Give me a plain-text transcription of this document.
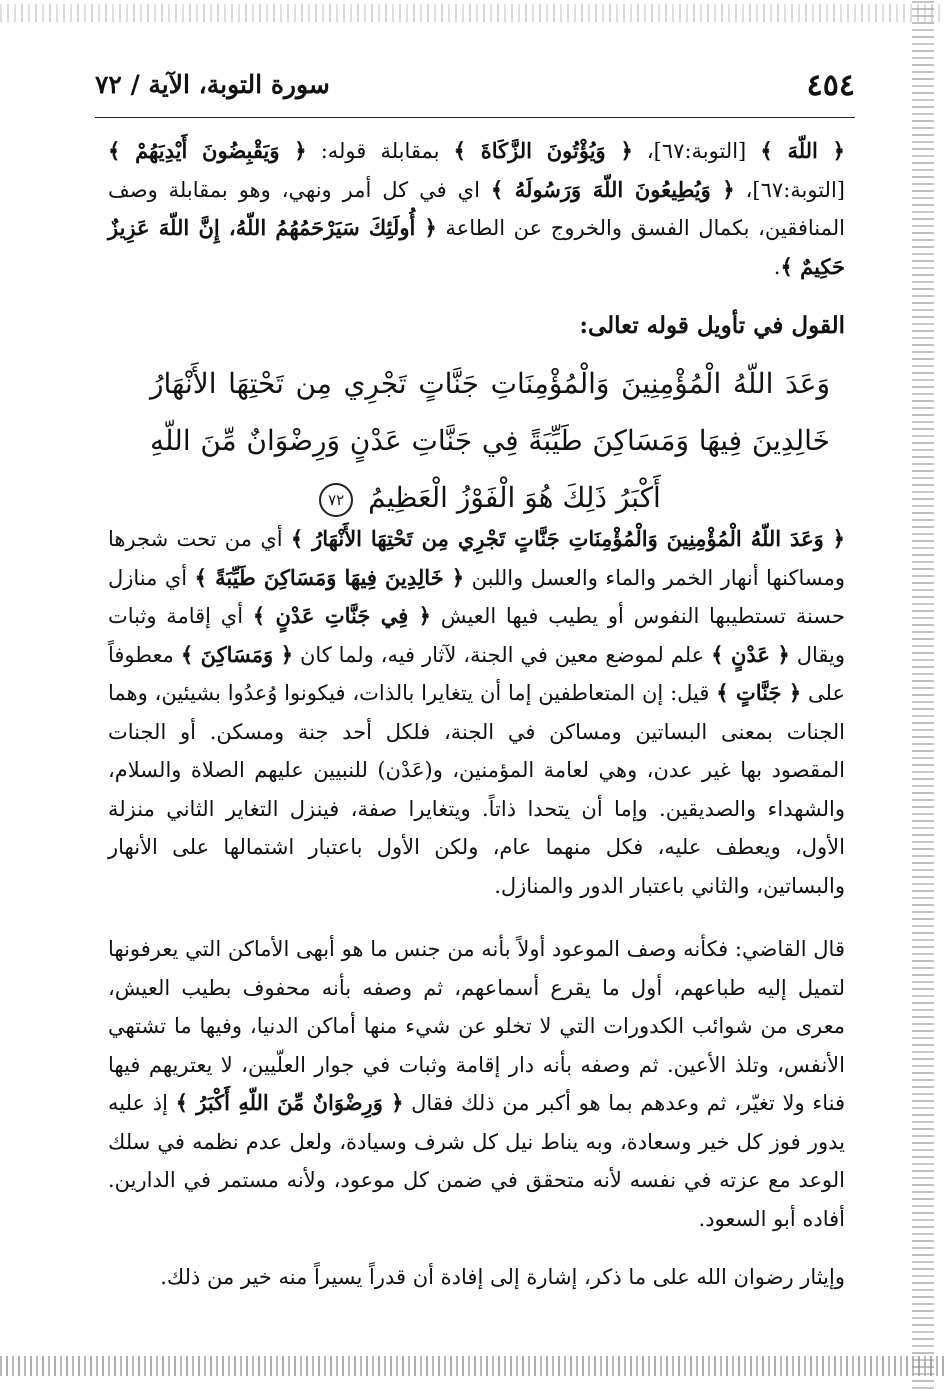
٤٥٤
سورة التوبة، الآية / ٧٢
﴿ اللّهَ ﴾ [التوبة:٦٧]، ﴿ وَيُؤْتُونَ الزَّكَاةَ ﴾ بمقابلة قوله: ﴿ وَيَقْبِضُونَ أَيْدِيَهُمْ ﴾ [التوبة:٦٧]، ﴿ وَيُطِيعُونَ اللّهَ وَرَسُولَهُ ﴾ اي في كل أمر ونهي، وهو بمقابلة وصف المنافقين، بكمال الفسق والخروج عن الطاعة ﴿ أُولَئِكَ سَيَرْحَمُهُمُ اللّهُ، إِنَّ اللّهَ عَزِيزٌ حَكِيمٌ ﴾.
القول في تأويل قوله تعالى:
وَعَدَ اللّهُ الْمُؤْمِنِينَ وَالْمُؤْمِنَاتِ جَنَّاتٍ تَجْرِي مِن تَحْتِهَا الأَنْهَارُ خَالِدِينَ فِيهَا وَمَسَاكِنَ طَيِّبَةً فِي جَنَّاتِ عَدْنٍ وَرِضْوَانٌ مِّنَ اللّهِ أَكْبَرُ ذَلِكَ هُوَ الْفَوْزُ الْعَظِيمُ ٧٢
﴿ وَعَدَ اللّهُ الْمُؤْمِنِينَ وَالْمُؤْمِنَاتِ جَنَّاتٍ تَجْرِي مِن تَحْتِهَا الأَنْهَارُ ﴾ أي من تحت شجرها ومساكنها أنهار الخمر والماء والعسل واللبن ﴿ خَالِدِينَ فِيهَا وَمَسَاكِنَ طَيِّبَةً ﴾ أي منازل حسنة تستطيبها النفوس أو يطيب فيها العيش ﴿ فِي جَنَّاتِ عَدْنٍ ﴾ أي إقامة وثبات ويقال ﴿ عَدْنٍ ﴾ علم لموضع معين في الجنة، لآثار فيه، ولما كان ﴿ وَمَسَاكِنَ ﴾ معطوفاً على ﴿ جَنَّاتٍ ﴾ قيل: إن المتعاطفين إما أن يتغايرا بالذات، فيكونوا وُعدُوا بشيئين، وهما الجنات بمعنى البساتين ومساكن في الجنة، فلكل أحد جنة ومسكن. أو الجنات المقصود بها غير عدن، وهي لعامة المؤمنين، و(عَدْن) للنبيين عليهم الصلاة والسلام، والشهداء والصديقين. وإما أن يتحدا ذاتاً. ويتغايرا صفة، فينزل التغاير الثاني منزلة الأول، ويعطف عليه، فكل منهما عام، ولكن الأول باعتبار اشتمالها على الأنهار والبساتين، والثاني باعتبار الدور والمنازل.
قال القاضي: فكأنه وصف الموعود أولاً بأنه من جنس ما هو أبهى الأماكن التي يعرفونها لتميل إليه طباعهم، أول ما يقرع أسماعهم، ثم وصفه بأنه محفوف بطيب العيش، معرى من شوائب الكدورات التي لا تخلو عن شيء منها أماكن الدنيا، وفيها ما تشتهي الأنفس، وتلذ الأعين. ثم وصفه بأنه دار إقامة وثبات في جوار العلّيين، لا يعتريهم فيها فناء ولا تغيّر، ثم وعدهم بما هو أكبر من ذلك فقال ﴿ وَرِضْوَانٌ مِّنَ اللّهِ أَكْبَرُ ﴾ إذ عليه يدور فوز كل خير وسعادة، وبه يناط نيل كل شرف وسيادة، ولعل عدم نظمه في سلك الوعد مع عزته في نفسه لأنه متحقق في ضمن كل موعود، ولأنه مستمر في الدارين. أفاده أبو السعود.
وإيثار رضوان الله على ما ذكر، إشارة إلى إفادة أن قدراً يسيراً منه خير من ذلك.
